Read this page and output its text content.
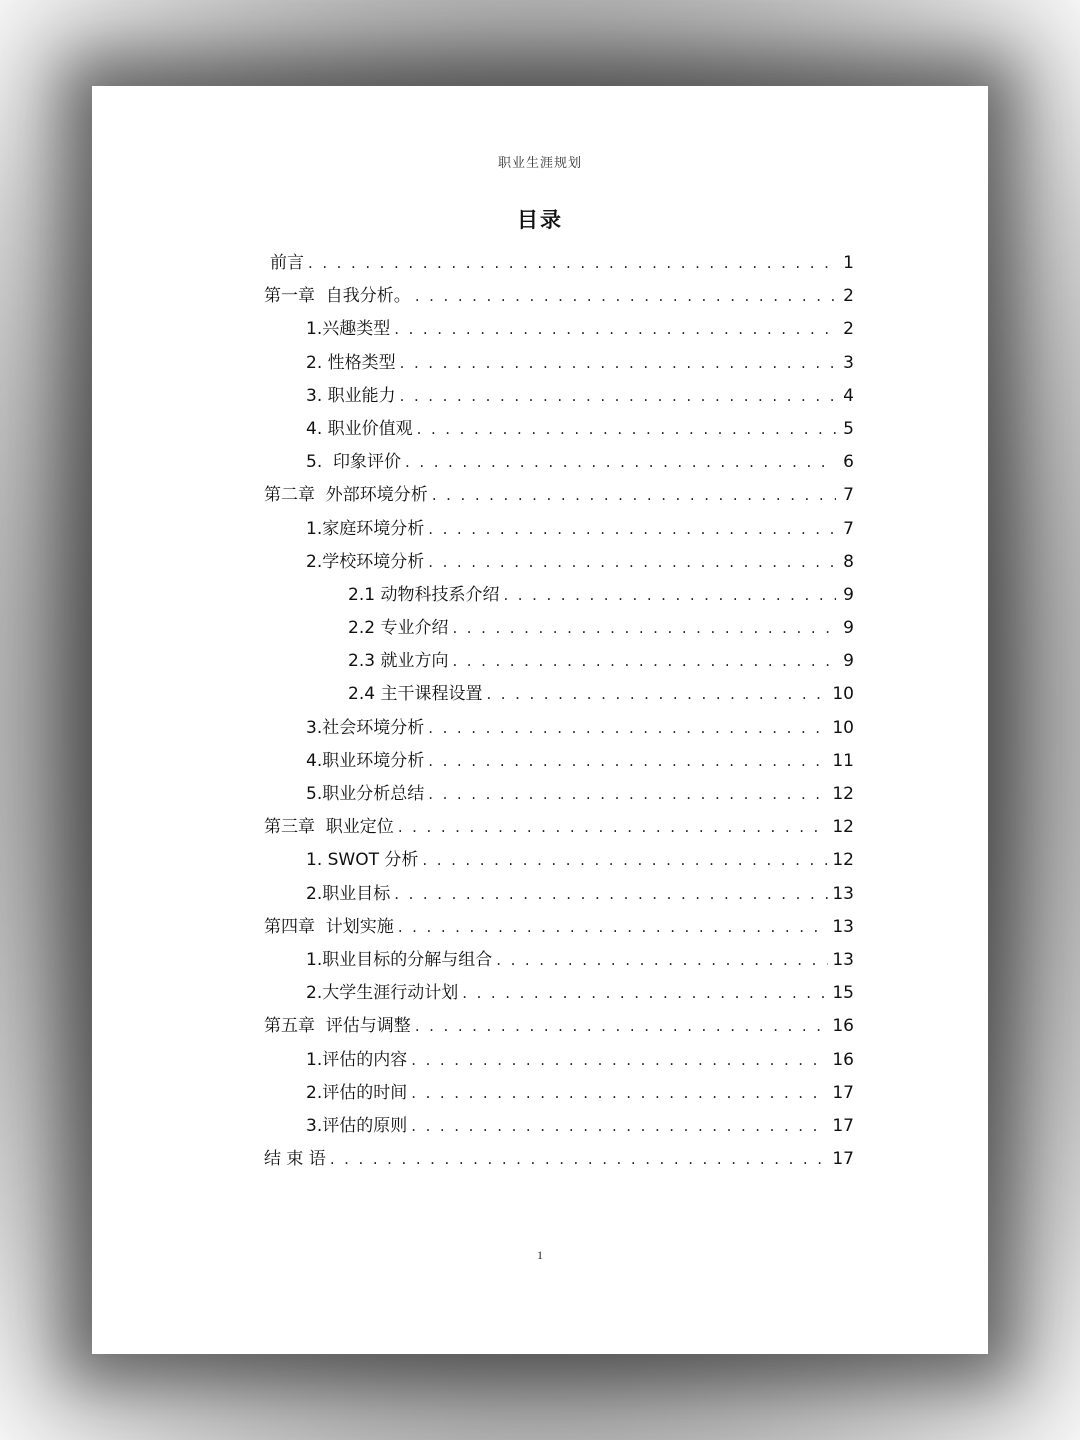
职业生涯规划
目录
前言 . . .	1
第一章  自我分析。 . . .	2
1.兴趣类型 . . .	2
2. 性格类型 . . .	3
3. 职业能力 . . .	4
4. 职业价值观 . . .	5
5.  印象评价 . . .	6
第二章  外部环境分析 . . .	7
1.家庭环境分析 . . .	7
2.学校环境分析 . . .	8
2.1 动物科技系介绍 . . .	9
2.2 专业介绍 . . .	9
2.3 就业方向 . . .	9
2.4 主干课程设置 . . .	10
3.社会环境分析 . . .	10
4.职业环境分析 . . .	11
5.职业分析总结 . . .	12
第三章  职业定位 . . .	12
1. SWOT 分析 . . .	12
2.职业目标 . . .	13
第四章  计划实施 . . .	13
1.职业目标的分解与组合 . . .	13
2.大学生涯行动计划 . . .	15
第五章  评估与调整 . . .	16
1.评估的内容 . . .	16
2.评估的时间 . . .	17
3.评估的原则 . . .	17
结 束 语 . . .	17
1
